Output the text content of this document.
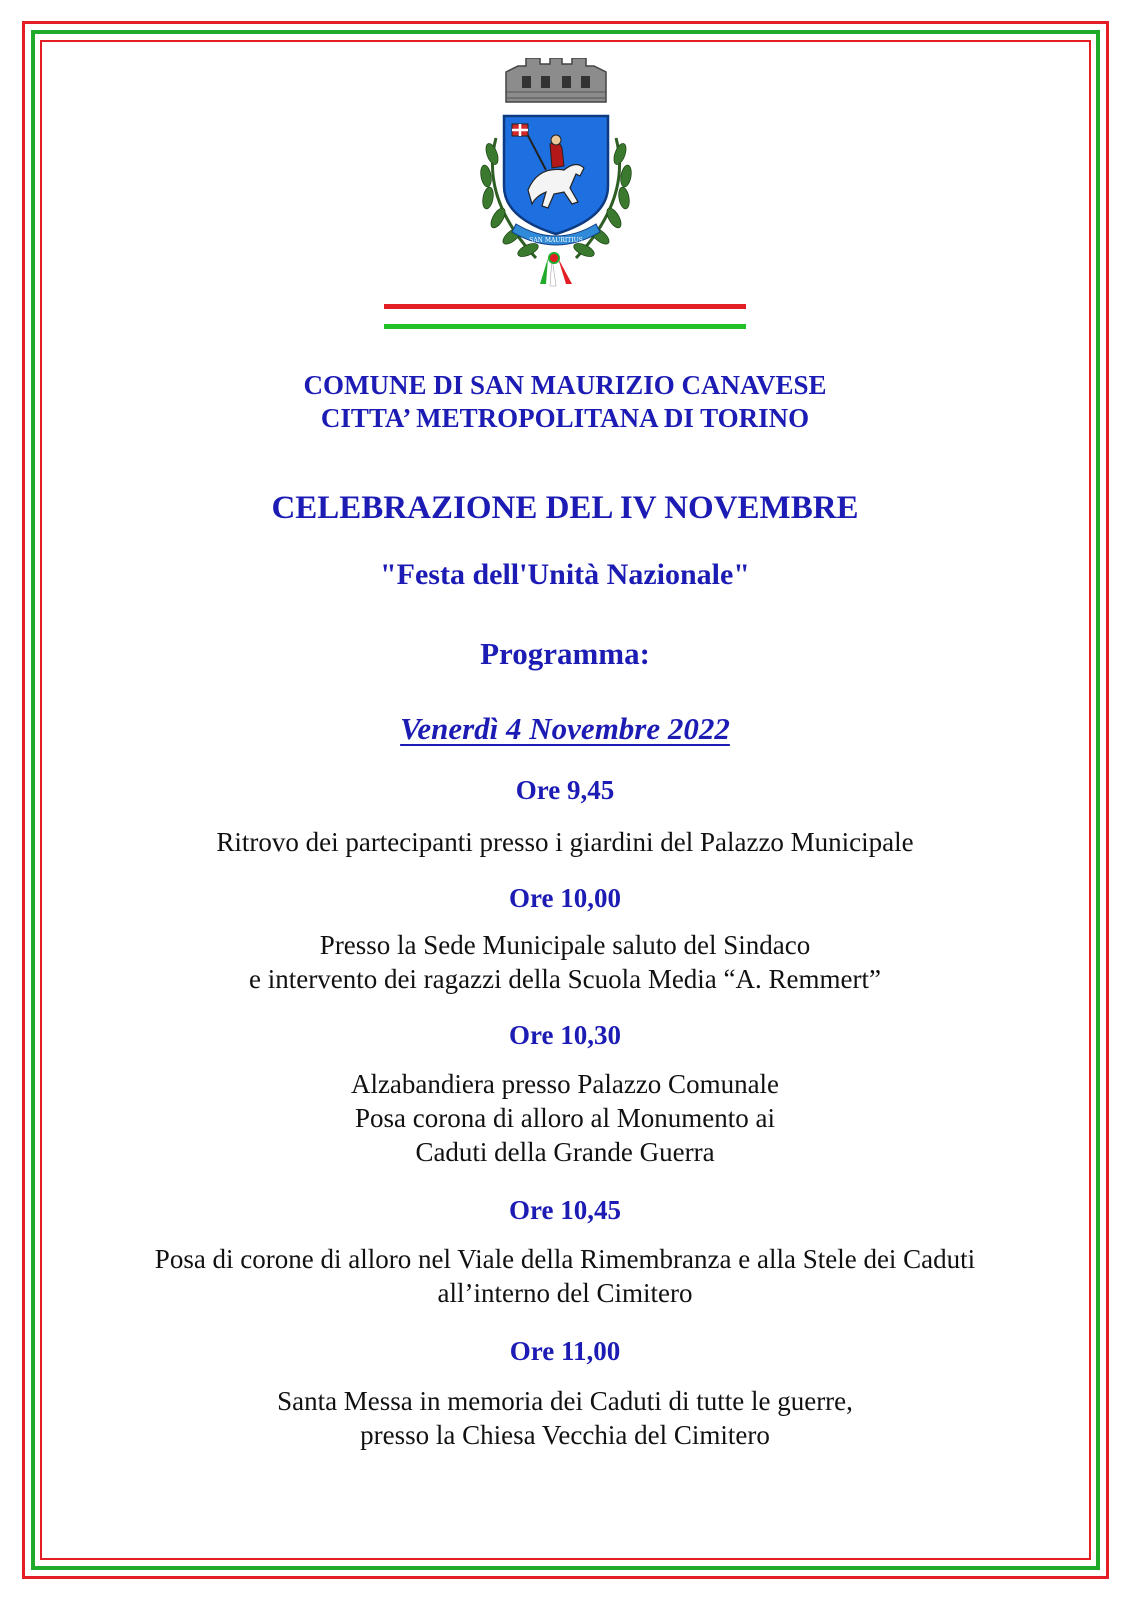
SAN MAURITIUS

COMUNE DI SAN MAURIZIO CANAVESE

CITTA’ METROPOLITANA DI TORINO

CELEBRAZIONE DEL IV NOVEMBRE

"Festa dell'Unità Nazionale"

Programma:

Venerdì 4 Novembre 2022

Ore 9,45

Ritrovo dei partecipanti presso i giardini del Palazzo Municipale

Ore 10,00

Presso la Sede Municipale saluto del Sindaco
e intervento dei ragazzi della Scuola Media “A. Remmert”

Ore 10,30

Alzabandiera presso Palazzo Comunale
Posa corona di alloro al Monumento ai
Caduti della Grande Guerra

Ore 10,45

Posa di corone di alloro nel Viale della Rimembranza e alla Stele dei Caduti
all’interno del Cimitero

Ore 11,00

Santa Messa in memoria dei Caduti di tutte le guerre,
presso la Chiesa Vecchia del Cimitero
